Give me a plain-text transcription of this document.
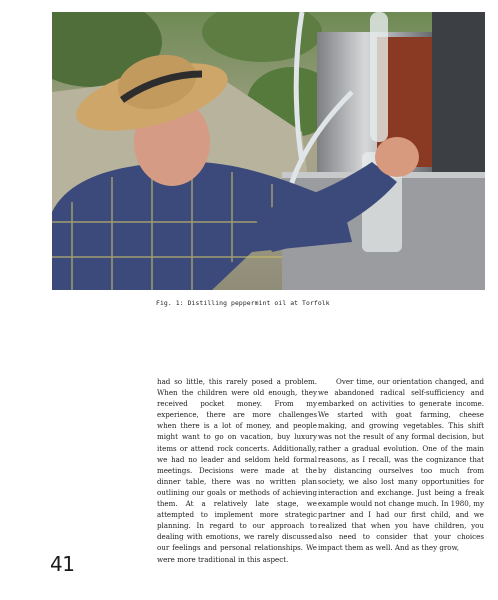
Fig. 1: Distilling peppermint oil at Torfolk
had so little, this rarely posed a problem. When the children were old enough, they received pocket money. From my experience, there are more challenges when there is a lot of money, and people might want to go on vacation, buy luxury items or attend rock concerts. Additionally, we had no leader and seldom held formal meetings. Decisions were made at the dinner table, there was no written plan outlining our goals or methods of achieving them. At a relatively late stage, we attempted to implement more strategic planning. In regard to our approach to dealing with emotions, we rarely discussed our feelings and personal relationships. We were more traditional in this aspect.
Over time, our orientation changed, and we abandoned radical self-sufficiency and embarked on activities to generate income. We started with goat farming, cheese making, and growing vegetables. This shift was not the result of any formal decision, but rather a gradual evolution. One of the main reasons, as I recall, was the cognizance that by distancing ourselves too much from society, we also lost many opportunities for interaction and exchange. Just being a freak example would not change much. In 1980, my partner and I had our first child, and we realized that when you have children, you also need to consider that your choices impact them as well. And as they grow,
41
